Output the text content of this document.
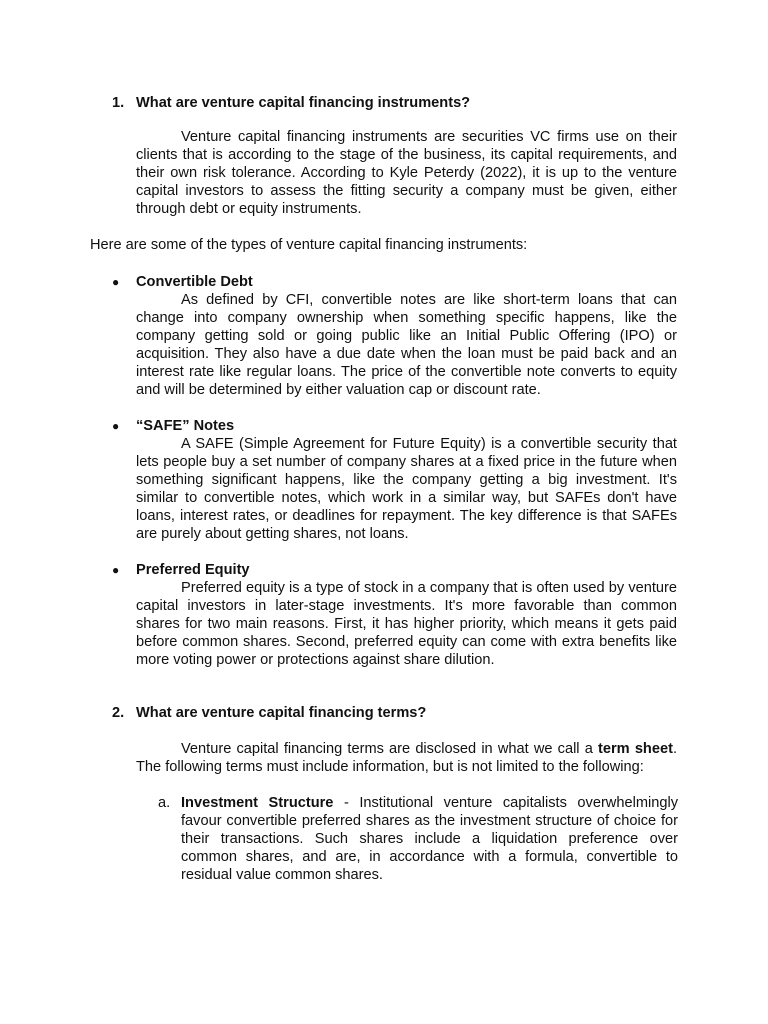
1. What are venture capital financing instruments?

Venture capital financing instruments are securities VC firms use on their clients that is according to the stage of the business, its capital requirements, and their own risk tolerance. According to Kyle Peterdy (2022), it is up to the venture capital investors to assess the fitting security a company must be given, either through debt or equity instruments.

Here are some of the types of venture capital financing instruments:
● Convertible Debt

As defined by CFI, convertible notes are like short-term loans that can change into company ownership when something specific happens, like the company getting sold or going public like an Initial Public Offering (IPO) or acquisition. They also have a due date when the loan must be paid back and an interest rate like regular loans. The price of the convertible note converts to equity and will be determined by either valuation cap or discount rate.

● “SAFE” Notes

A SAFE (Simple Agreement for Future Equity) is a convertible security that lets people buy a set number of company shares at a fixed price in the future when something significant happens, like the company getting a big investment. It's similar to convertible notes, which work in a similar way, but SAFEs don't have loans, interest rates, or deadlines for repayment. The key difference is that SAFEs are purely about getting shares, not loans.

● Preferred Equity

Preferred equity is a type of stock in a company that is often used by venture capital investors in later-stage investments. It's more favorable than common shares for two main reasons. First, it has higher priority, which means it gets paid before common shares. Second, preferred equity can come with extra benefits like more voting power or protections against share dilution.

2. What are venture capital financing terms?

Venture capital financing terms are disclosed in what we call a term sheet. The following terms must include information, but is not limited to the following:

a. Investment Structure - Institutional venture capitalists overwhelmingly favour convertible preferred shares as the investment structure of choice for their transactions. Such shares include a liquidation preference over common shares, and are, in accordance with a formula, convertible to residual value common shares.
